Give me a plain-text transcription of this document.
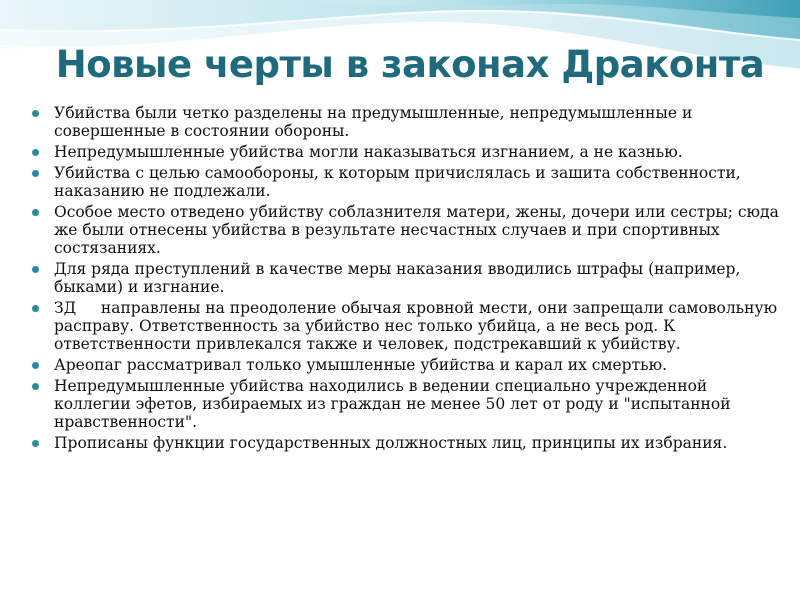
Новые черты в законах Драконта
Убийства были четко разделены на предумышленные, непредумышленные и совершенные в состоянии обороны.
Непредумышленные убийства могли наказываться изгнанием, а не казнью.
Убийства с целью самообороны, к которым причислялась и зашита собственности, наказанию не подлежали.
Особое место отведено убийству соблазнителя матери, жены, дочери или сестры; сюда же были отнесены убийства в результате несчастных случаев и при спортивных состязаниях.
Для ряда преступлений в качестве меры наказания вводились штрафы (например, быками) и изгнание.
ЗД     направлены на преодоление обычая кровной мести, они запрещали самовольную расправу. Ответственность за убийство нес только убийца, а не весь род. К ответственности привлекался также и человек, подстрекавший к убийству.
Ареопаг рассматривал только умышленные убийства и карал их смертью.
Непредумышленные убийства находились в ведении специально учрежденной коллегии эфетов, избираемых из граждан не менее 50 лет от роду и "испытанной нравственности".
Прописаны функции государственных должностных лиц, принципы их избрания.
